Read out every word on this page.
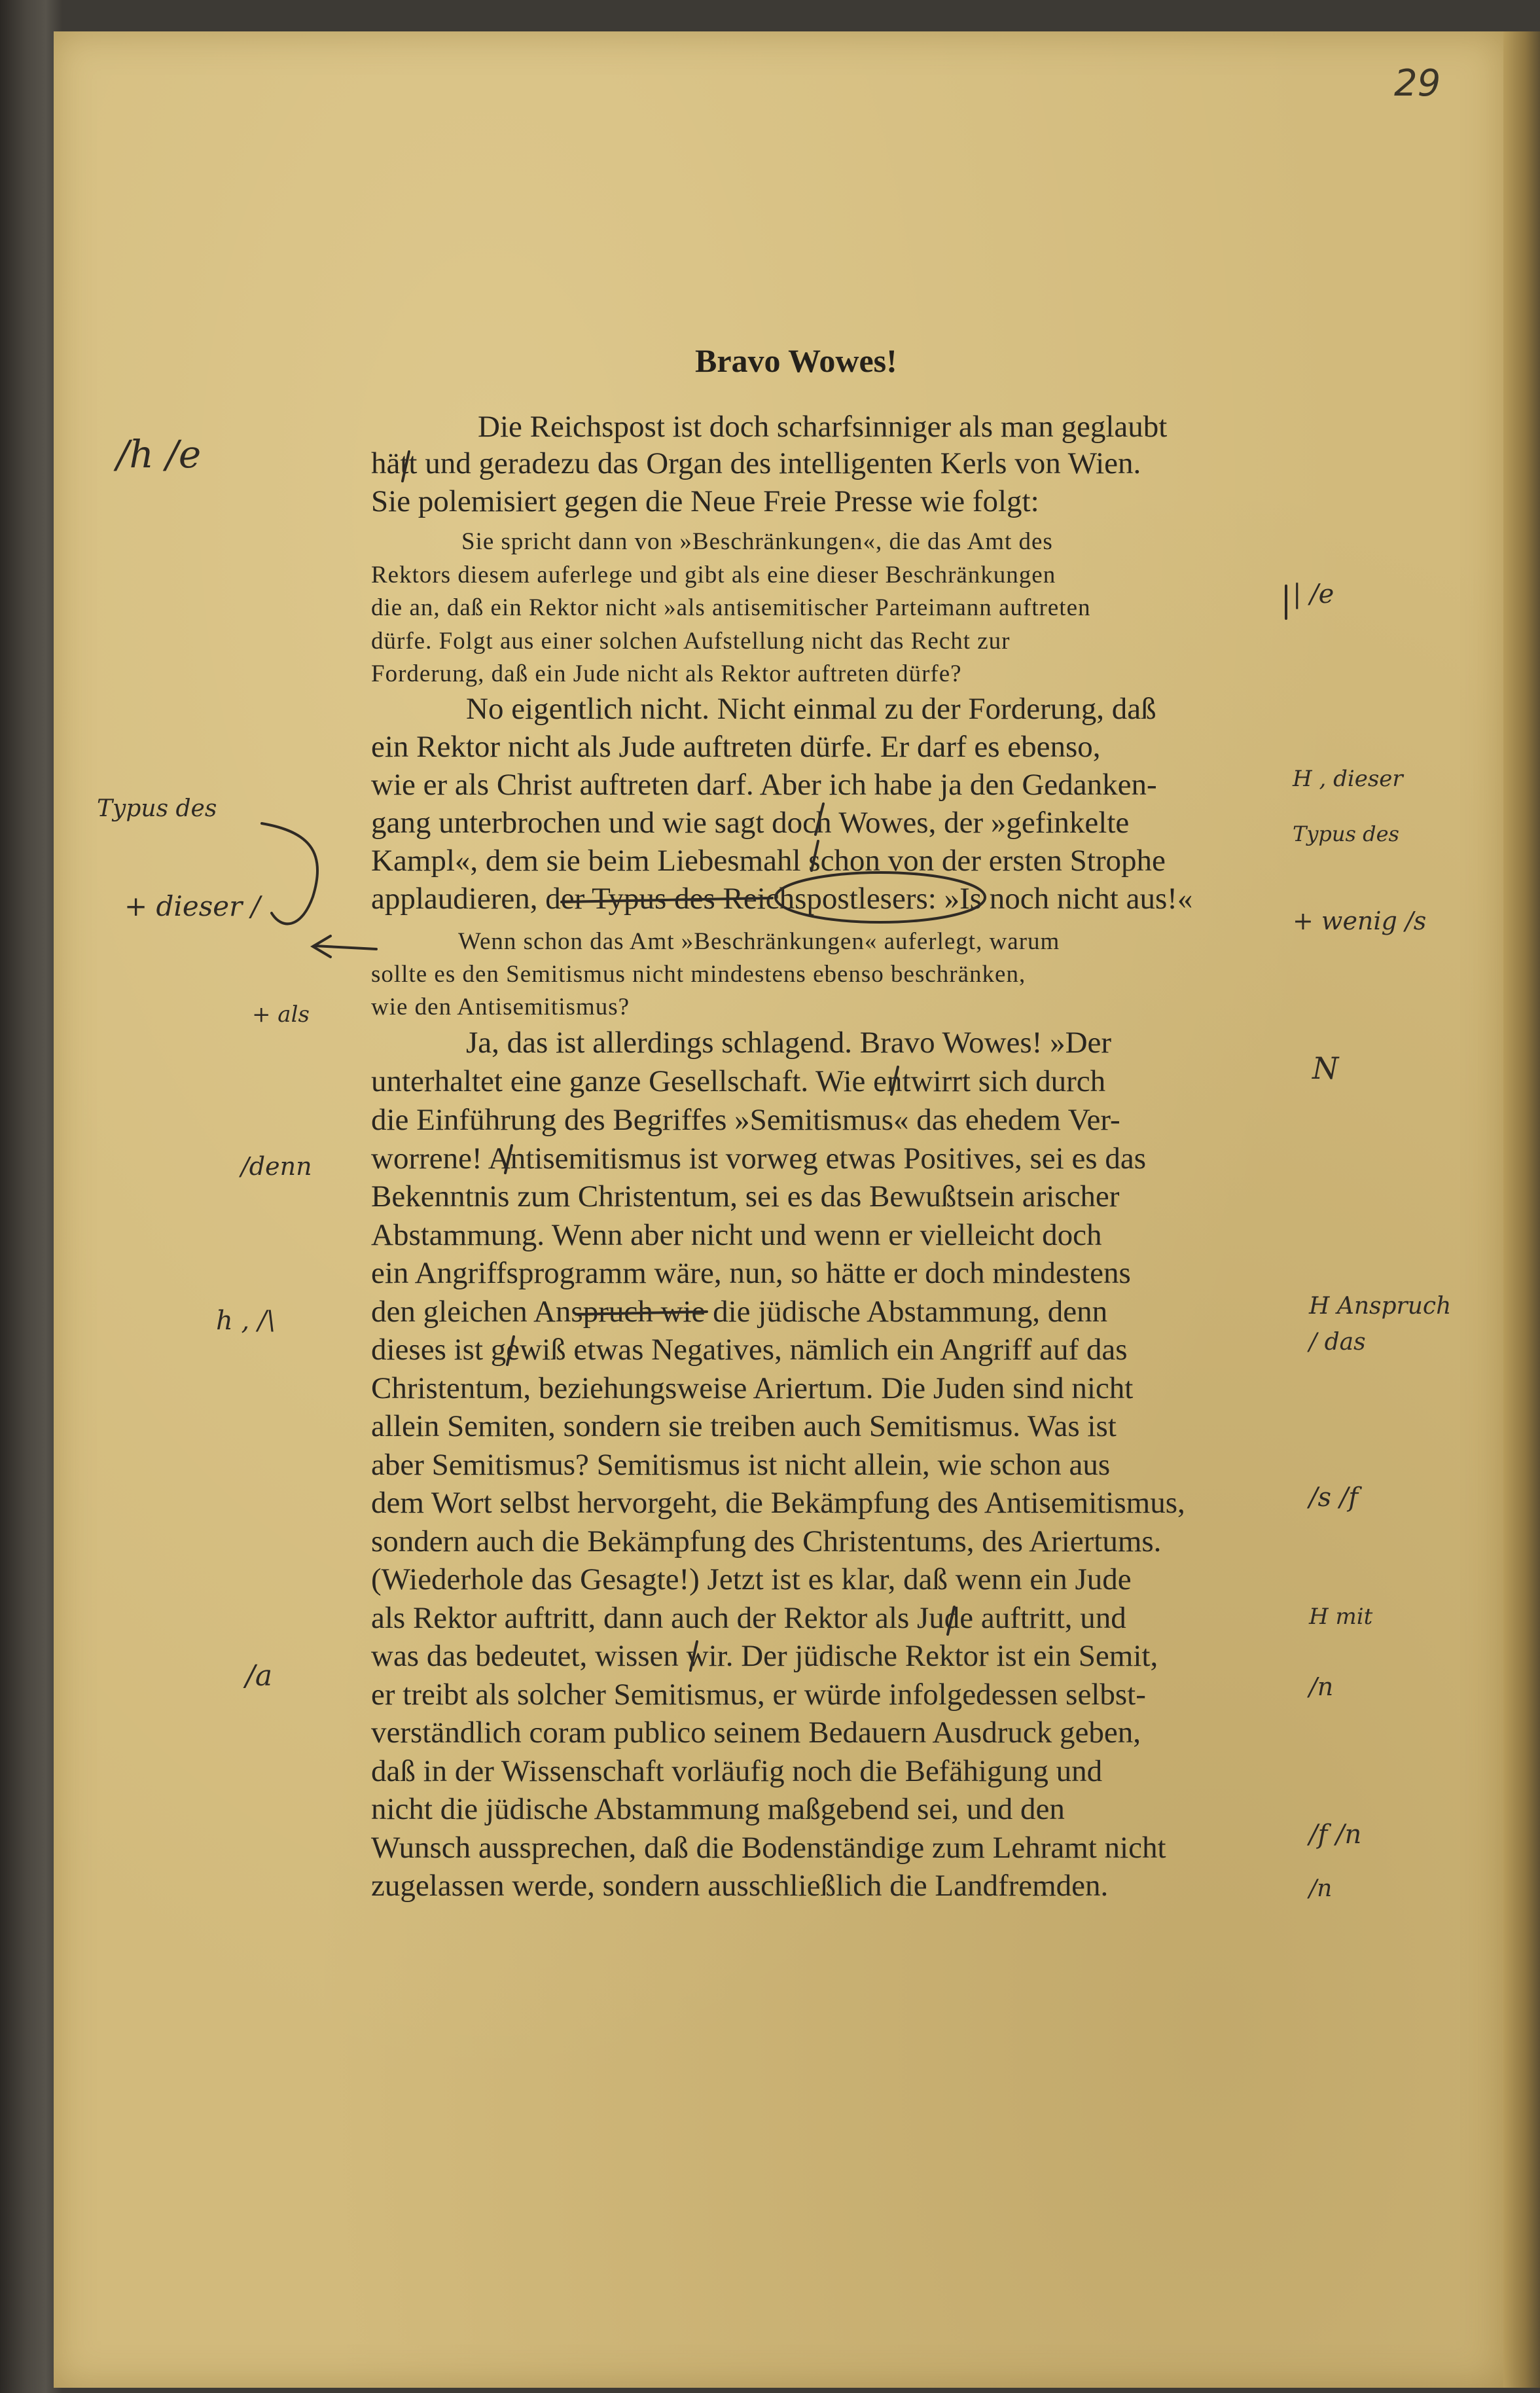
29
Bravo Wowes!
Die Reichspost ist doch scharfsinniger als man geglaubt
hätt und geradezu das Organ des intelligenten Kerls von Wien.
Sie polemisiert gegen die Neue Freie Presse wie folgt:
Sie spricht dann von »Beschränkungen«, die das Amt des
Rektors diesem auferlege und gibt als eine dieser Beschränkungen
die an, daß ein Rektor nicht »als antisemitischer Parteimann auftreten
dürfe. Folgt aus einer solchen Aufstellung nicht das Recht zur
Forderung, daß ein Jude nicht als Rektor auftreten dürfe?
No eigentlich nicht. Nicht einmal zu der Forderung, daß
ein Rektor nicht als Jude auftreten dürfe. Er darf es ebenso,
wie er als Christ auftreten darf. Aber ich habe ja den Gedanken-
gang unterbrochen und wie sagt doch Wowes, der »gefinkelte
Kampl«, dem sie beim Liebesmahl schon von der ersten Strophe
applaudieren, der Typus des Reichspostlesers: »Is noch nicht aus!«
Wenn schon das Amt »Beschränkungen« auferlegt, warum
sollte es den Semitismus nicht mindestens ebenso beschränken,
wie den Antisemitismus?
Ja, das ist allerdings schlagend. Bravo Wowes! »Der
unterhaltet eine ganze Gesellschaft. Wie entwirrt sich durch
die Einführung des Begriffes »Semitismus« das ehedem Ver-
worrene! Antisemitismus ist vorweg etwas Positives, sei es das
Bekenntnis zum Christentum, sei es das Bewußtsein arischer
Abstammung. Wenn aber nicht und wenn er vielleicht doch
ein Angriffsprogramm wäre, nun, so hätte er doch mindestens
den gleichen Anspruch wie die jüdische Abstammung, denn
dieses ist gewiß etwas Negatives, nämlich ein Angriff auf das
Christentum, beziehungsweise Ariertum. Die Juden sind nicht
allein Semiten, sondern sie treiben auch Semitismus. Was ist
aber Semitismus? Semitismus ist nicht allein, wie schon aus
dem Wort selbst hervorgeht, die Bekämpfung des Antisemitismus,
sondern auch die Bekämpfung des Christentums, des Ariertums.
(Wiederhole das Gesagte!) Jetzt ist es klar, daß wenn ein Jude
als Rektor auftritt, dann auch der Rektor als Jude auftritt, und
was das bedeutet, wissen wir. Der jüdische Rektor ist ein Semit,
er treibt als solcher Semitismus, er würde infolgedessen selbst-
verständlich coram publico seinem Bedauern Ausdruck geben,
daß in der Wissenschaft vorläufig noch die Befähigung und
nicht die jüdische Abstammung maßgebend sei, und den
Wunsch aussprechen, daß die Bodenständige zum Lehramt nicht
zugelassen werde, sondern ausschließlich die Landfremden.
/h /e
Typus des
+ dieser /
+ als
/denn
h , /\
/a
| /e
H , dieser
Typus des
+ wenig /s
N
H Anspruch
/ das
/s /f
H mit
/n
/f /n
/n
